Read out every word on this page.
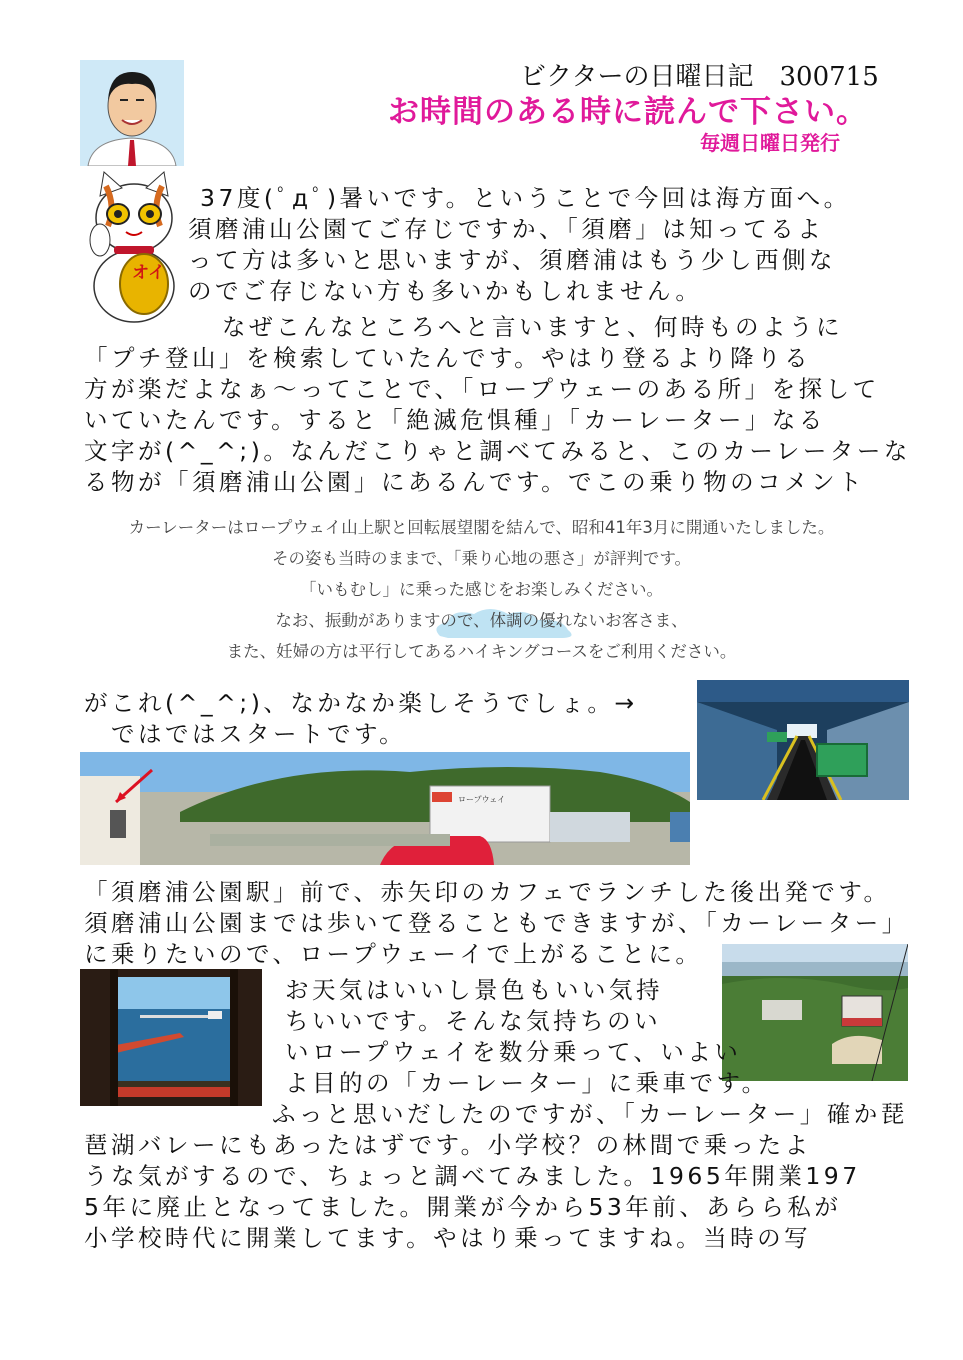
ビクターの日曜日記　300715
お時間のある時に読んで下さい。
毎週日曜日発行
オイ
37度(ﾟдﾟ)暑いです。ということで今回は海方面へ。
須磨浦山公園てご存じですか、「須磨」は知ってるよ
って方は多いと思いますが、須磨浦はもう少し西側な
のでご存じない方も多いかもしれません。
　なぜこんなところへと言いますと、何時ものように
「プチ登山」を検索していたんです。やはり登るより降りる
方が楽だよなぁ～ってことで、「ロープウェーのある所」を探して
いていたんです。すると「絶滅危惧種」「カーレーター」なる
文字が(^_^;)。なんだこりゃと調べてみると、このカーレーターな
る物が「須磨浦山公園」にあるんです。でこの乗り物のコメント
カーレーターはロープウェイ山上駅と回転展望閣を結んで、昭和41年3月に開通いたしました。
その姿も当時のままで、「乗り心地の悪さ」が評判です。
「いもむし」に乗った感じをお楽しみください。
なお、振動がありますので、体調の優れないお客さま、
また、妊婦の方は平行してあるハイキングコースをご利用ください。
がこれ(^_^;)、なかなか楽しそうでしょ。→
　ではではスタートです。
ロープウェイ
「須磨浦公園駅」前で、赤矢印のカフェでランチした後出発です。
須磨浦山公園までは歩いて登ることもできますが、「カーレーター」
に乗りたいので、ロープウェーイで上がることに。
お天気はいいし景色もいい気持
ちいいです。そんな気持ちのい
いロープウェイを数分乗って、いよい
よ目的の「カーレーター」に乗車です。
ふっと思いだしたのですが、「カーレーター」確か琵
琶湖バレーにもあったはずです。小学校？の林間で乗ったよ
うな気がするので、ちょっと調べてみました。1965年開業197
5年に廃止となってました。開業が今から53年前、あらら私が
小学校時代に開業してます。やはり乗ってますね。当時の写
